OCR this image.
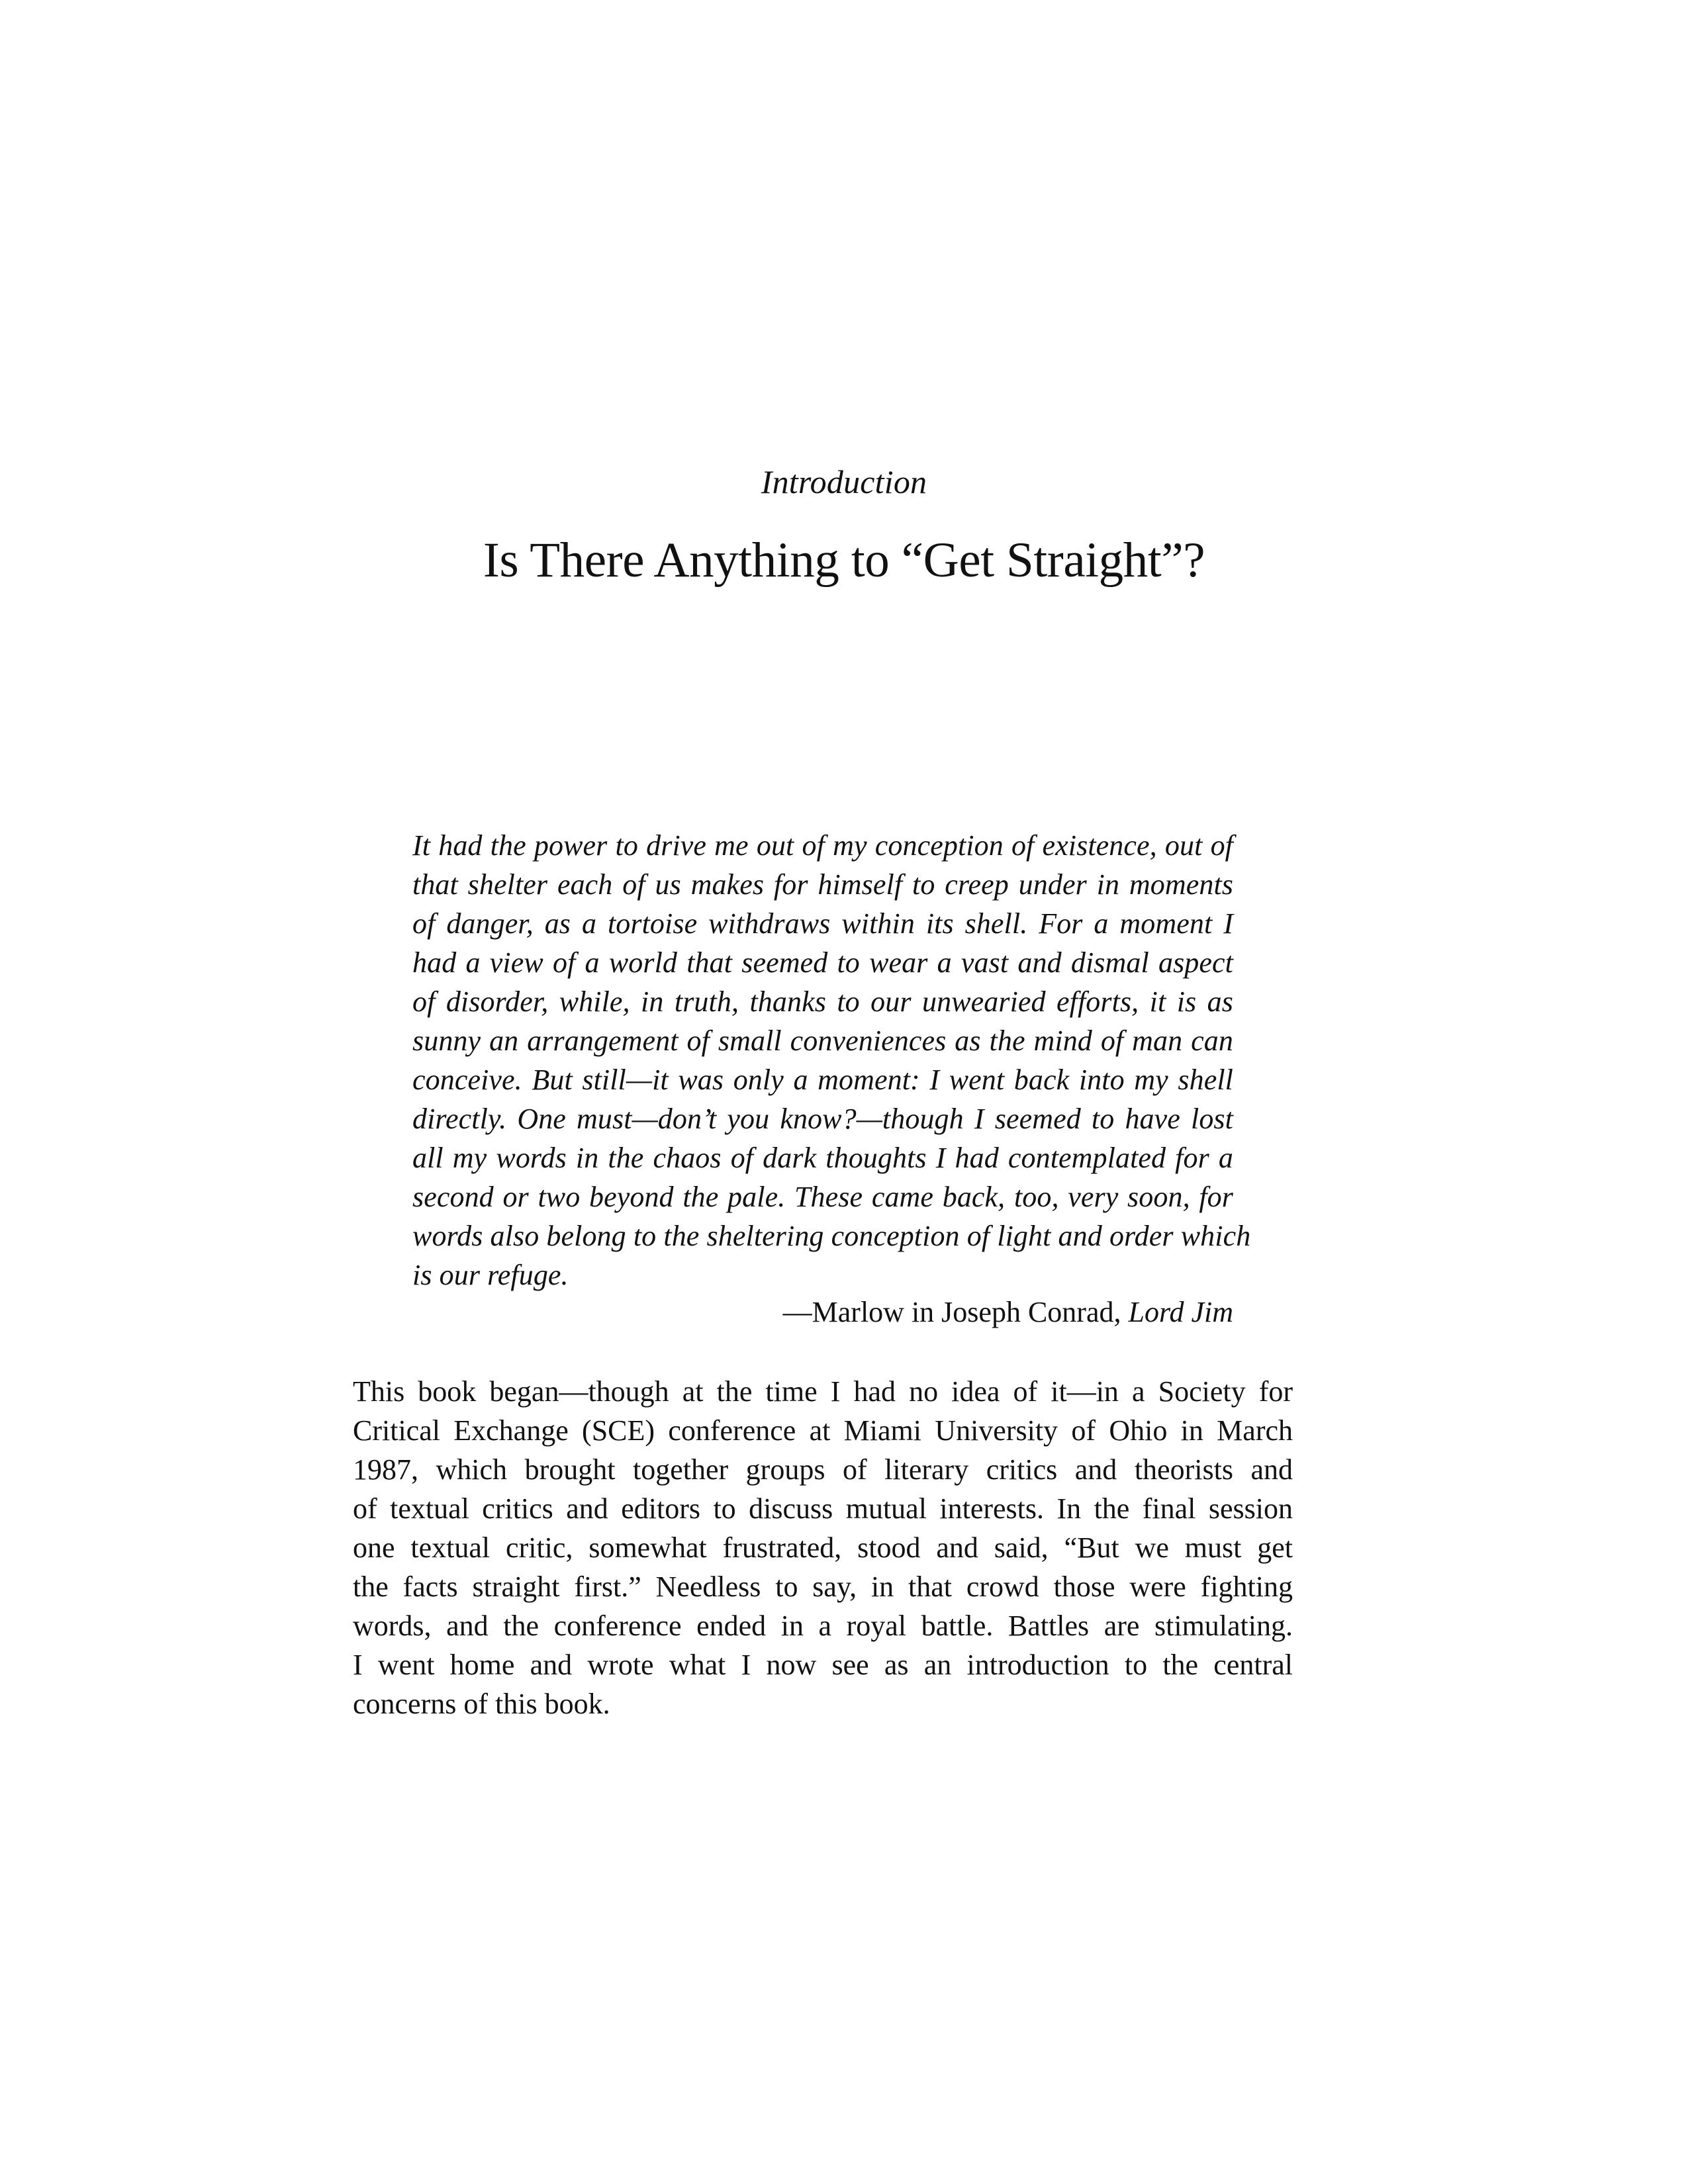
Introduction
Is There Anything to “Get Straight”?
It had the power to drive me out of my conception of existence, out of
that shelter each of us makes for himself to creep under in moments
of danger, as a tortoise withdraws within its shell. For a moment I
had a view of a world that seemed to wear a vast and dismal aspect
of disorder, while, in truth, thanks to our unwearied efforts, it is as
sunny an arrangement of small conveniences as the mind of man can
conceive. But still—it was only a moment: I went back into my shell
directly. One must—don’t you know?—though I seemed to have lost
all my words in the chaos of dark thoughts I had contemplated for a
second or two beyond the pale. These came back, too, very soon, for
words also belong to the sheltering conception of light and order which
is our refuge.
—Marlow in Joseph Conrad, Lord Jim
This book began—though at the time I had no idea of it—in a Society for
Critical Exchange (SCE) conference at Miami University of Ohio in March
1987, which brought together groups of literary critics and theorists and
of textual critics and editors to discuss mutual interests. In the final session
one textual critic, somewhat frustrated, stood and said, “But we must get
the facts straight first.” Needless to say, in that crowd those were fighting
words, and the conference ended in a royal battle. Battles are stimulating.
I went home and wrote what I now see as an introduction to the central
concerns of this book.
